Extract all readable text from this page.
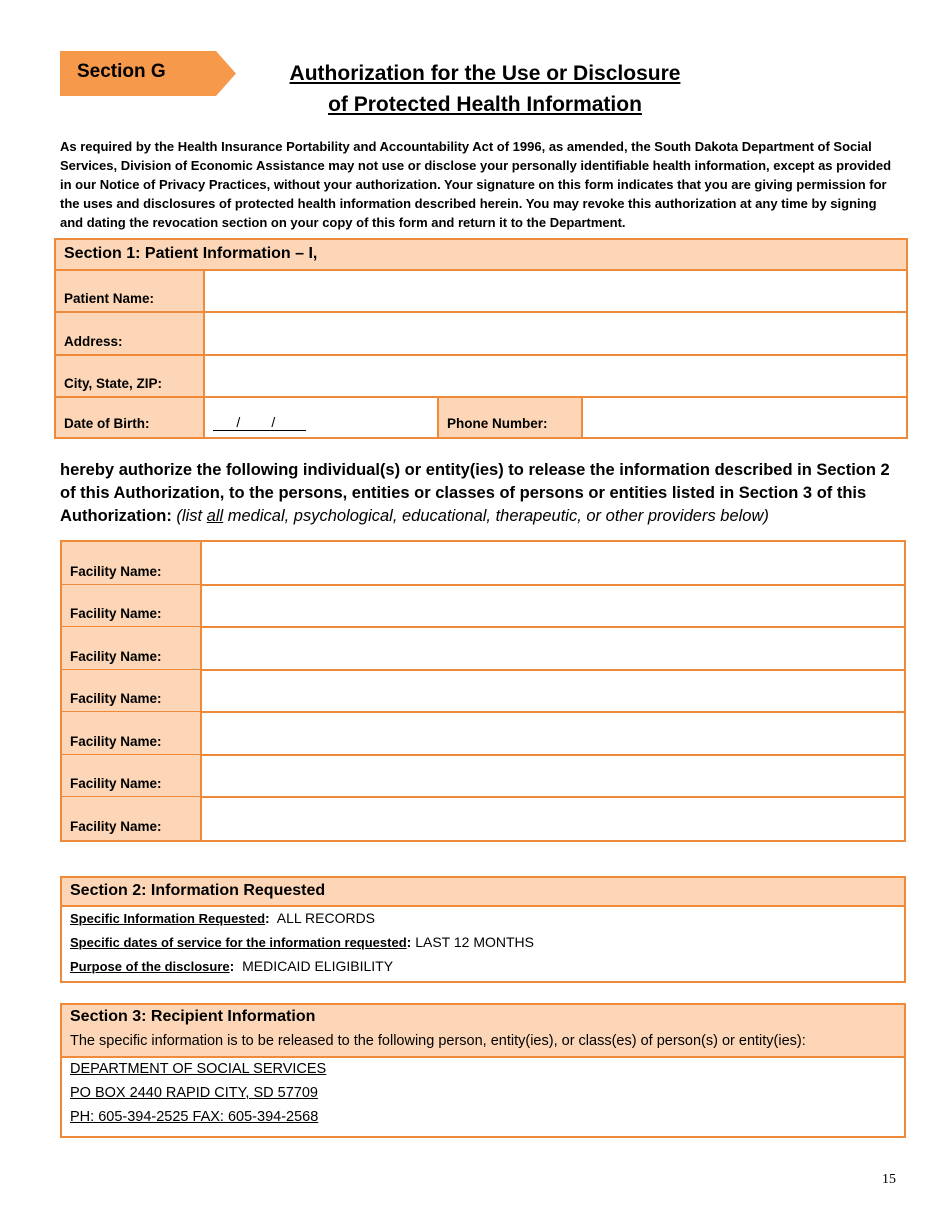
Section G	Authorization for the Use or Disclosure
of Protected Health Information
As required by the Health Insurance Portability and Accountability Act of 1996, as amended, the South Dakota Department of Social Services, Division of Economic Assistance may not use or disclose your personally identifiable health information, except as provided in our Notice of Privacy Practices, without your authorization. Your signature on this form indicates that you are giving permission for the uses and disclosures of protected health information described herein. You may revoke this authorization at any time by signing and dating the revocation section on your copy of this form and return it to the Department.
Section 1: Patient Information – I,
Patient Name:
Address:
City, State, ZIP:
Date of Birth:	/        /	Phone Number:
hereby authorize the following individual(s) or entity(ies) to release the information described in Section 2 of this Authorization, to the persons, entities or classes of persons or entities listed in Section 3 of this Authorization: (list all medical, psychological, educational, therapeutic, or other providers below)
Facility Name:
Facility Name:
Facility Name:
Facility Name:
Facility Name:
Facility Name:
Facility Name:
Section 2: Information Requested
Specific Information Requested: ALL RECORDS
Specific dates of service for the information requested: LAST 12 MONTHS
Purpose of the disclosure: MEDICAID ELIGIBILITY
Section 3: Recipient Information
The specific information is to be released to the following person, entity(ies), or class(es) of person(s) or entity(ies):
DEPARTMENT OF SOCIAL SERVICES
PO BOX 2440 RAPID CITY, SD 57709
PH: 605-394-2525 FAX: 605-394-2568
15
